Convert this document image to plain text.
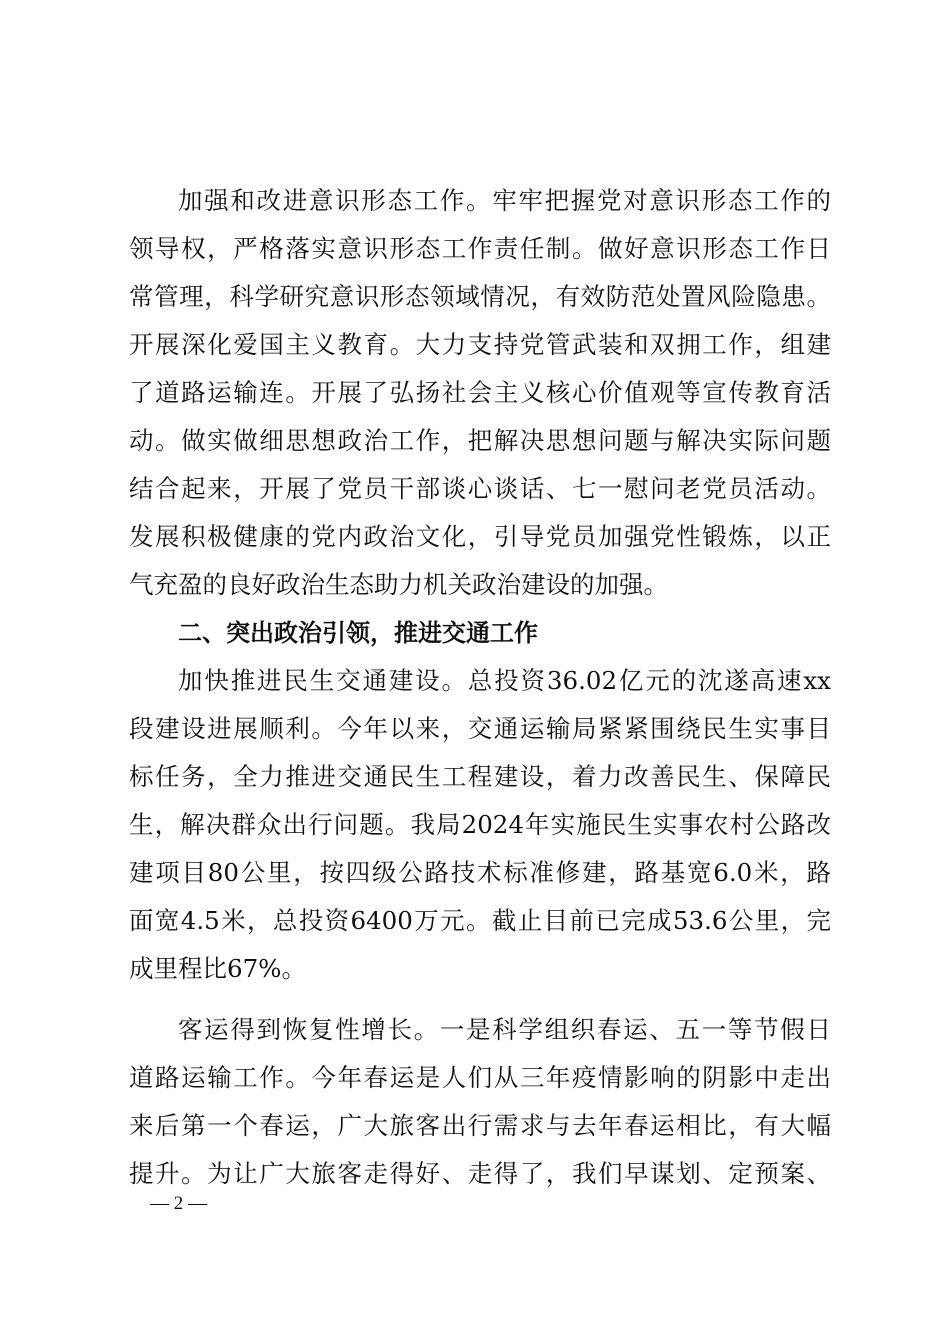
加强和改进意识形态工作。牢牢把握党对意识形态工作的
领导权，严格落实意识形态工作责任制。做好意识形态工作日
常管理，科学研究意识形态领域情况，有效防范处置风险隐患。
开展深化爱国主义教育。大力支持党管武装和双拥工作，组建
了道路运输连。开展了弘扬社会主义核心价值观等宣传教育活
动。做实做细思想政治工作，把解决思想问题与解决实际问题
结合起来，开展了党员干部谈心谈话、七一慰问老党员活动。
发展积极健康的党内政治文化，引导党员加强党性锻炼，以正
气充盈的良好政治生态助力机关政治建设的加强。
二、突出政治引领，推进交通工作
加快推进民生交通建设。总投资36.02亿元的沈遂高速xx
段建设进展顺利。今年以来，交通运输局紧紧围绕民生实事目
标任务，全力推进交通民生工程建设，着力改善民生、保障民
生，解决群众出行问题。我局2024年实施民生实事农村公路改
建项目80公里，按四级公路技术标准修建，路基宽6.0米，路
面宽4.5米，总投资6400万元。截止目前已完成53.6公里，完
成里程比67%。
客运得到恢复性增长。一是科学组织春运、五一等节假日
道路运输工作。今年春运是人们从三年疫情影响的阴影中走出
来后第一个春运，广大旅客出行需求与去年春运相比，有大幅
提升。为让广大旅客走得好、走得了，我们早谋划、定预案、
— 2 —
